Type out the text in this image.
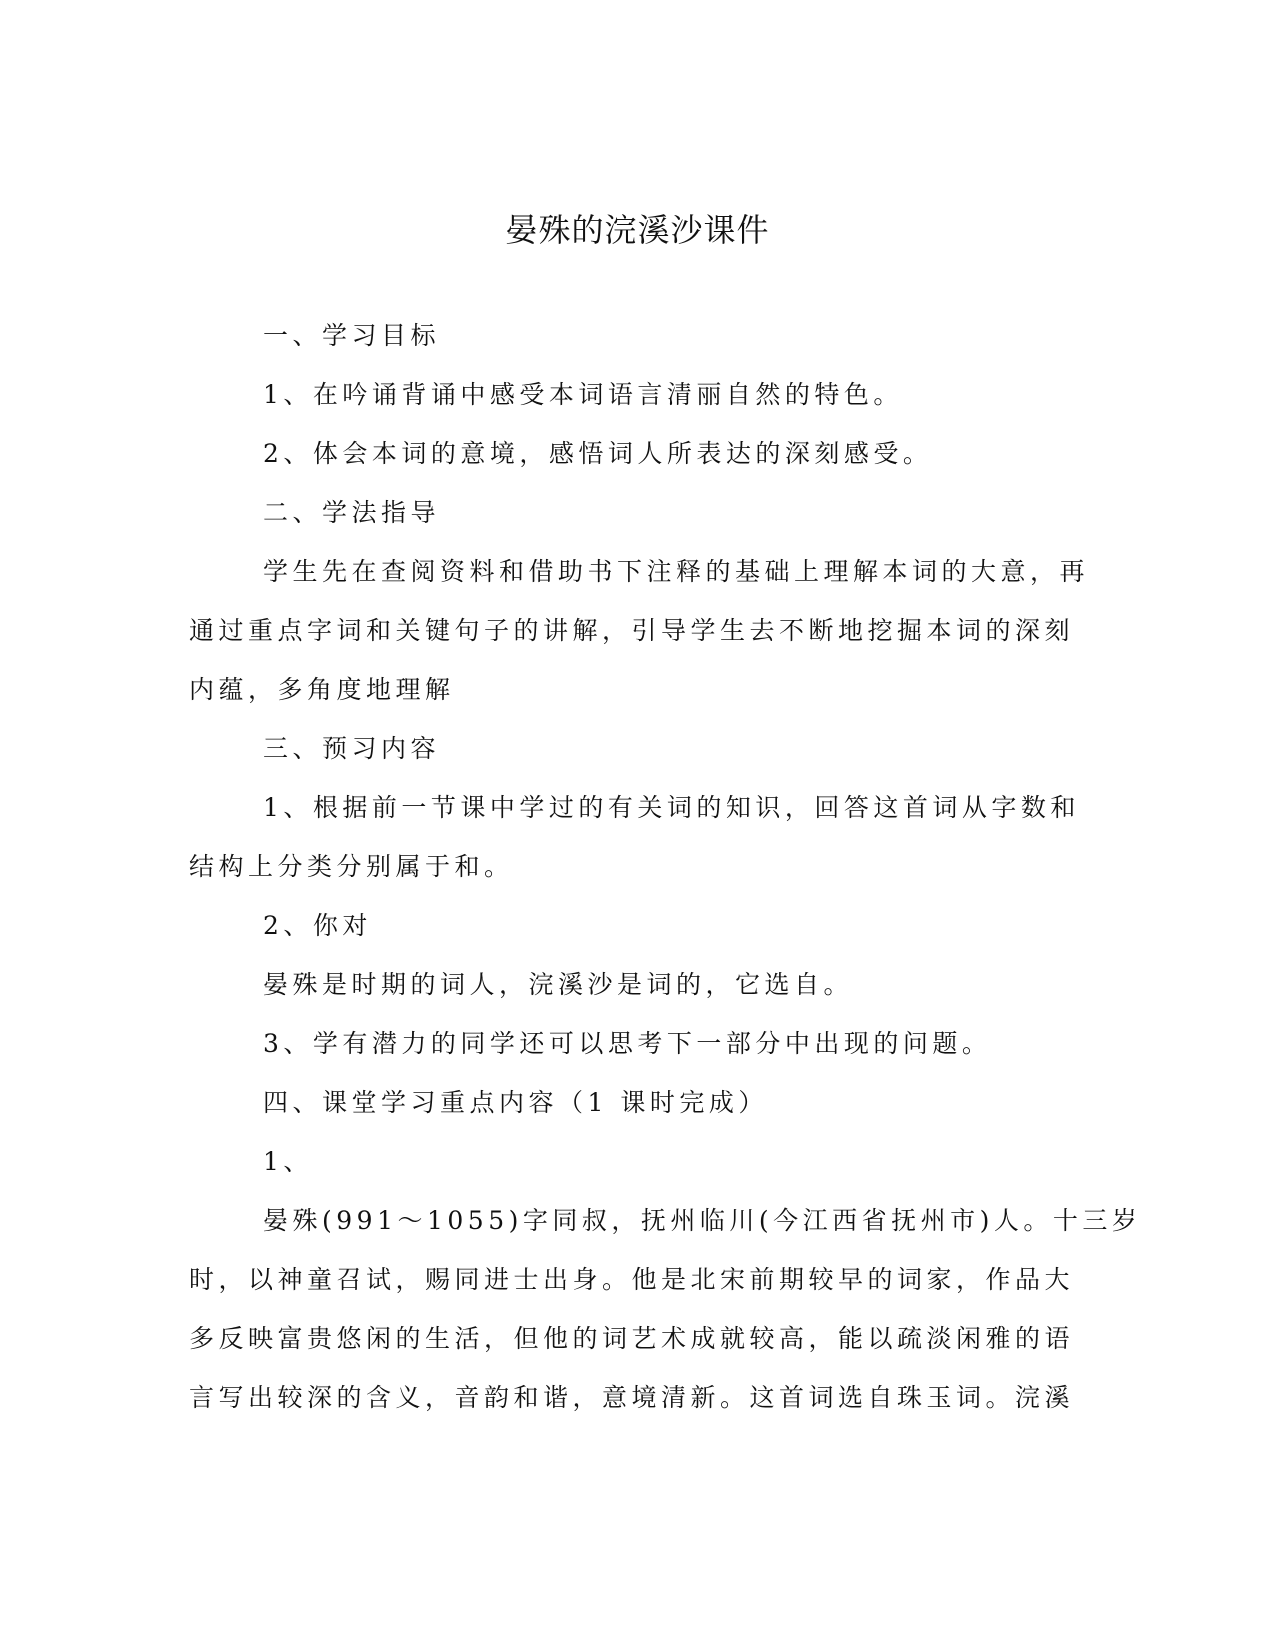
晏殊的浣溪沙课件
一、学习目标
1、在吟诵背诵中感受本词语言清丽自然的特色。
2、体会本词的意境，感悟词人所表达的深刻感受。
二、学法指导
学生先在查阅资料和借助书下注释的基础上理解本词的大意，再
通过重点字词和关键句子的讲解，引导学生去不断地挖掘本词的深刻
内蕴，多角度地理解
三、预习内容
1、根据前一节课中学过的有关词的知识，回答这首词从字数和
结构上分类分别属于和。
2、你对
晏殊是时期的词人，浣溪沙是词的，它选自。
3、学有潜力的同学还可以思考下一部分中出现的问题。
四、课堂学习重点内容（1 课时完成）
1、
晏殊(991～1055)字同叔，抚州临川(今江西省抚州市)人。十三岁
时，以神童召试，赐同进士出身。他是北宋前期较早的词家，作品大
多反映富贵悠闲的生活，但他的词艺术成就较高，能以疏淡闲雅的语
言写出较深的含义，音韵和谐，意境清新。这首词选自珠玉词。浣溪
